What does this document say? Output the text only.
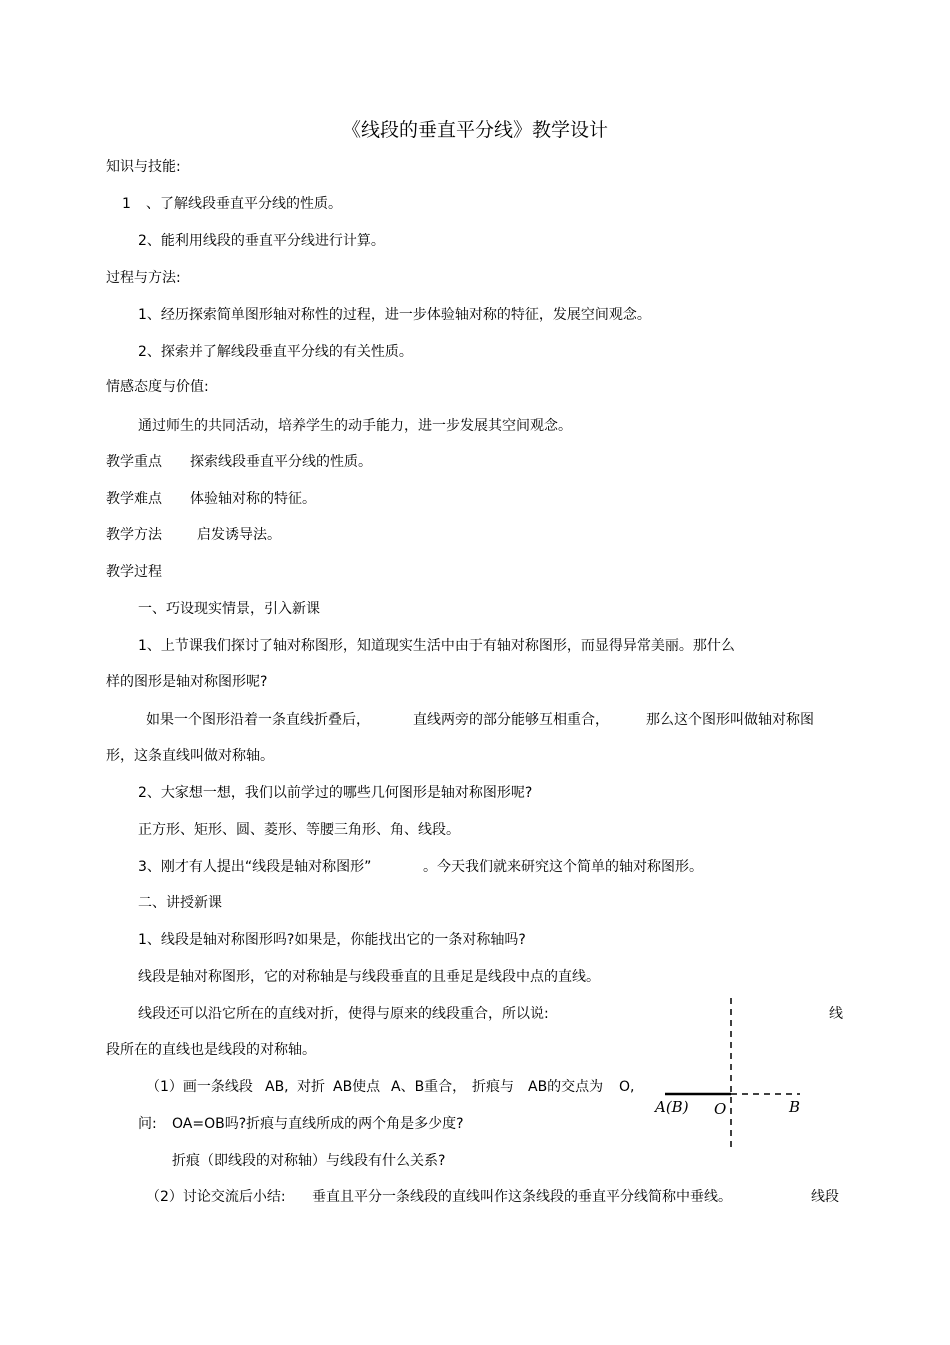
《线段的垂直平分线》教学设计
知识与技能:
1 、了解线段垂直平分线的性质。
2、能利用线段的垂直平分线进行计算。
过程与方法:
1、经历探索简单图形轴对称性的过程，进一步体验轴对称的特征，发展空间观念。
2、探索并了解线段垂直平分线的有关性质。
情感态度与价值:
通过师生的共同活动，培养学生的动手能力，进一步发展其空间观念。
教学重点 探索线段垂直平分线的性质。
教学难点 体验轴对称的特征。
教学方法	启发诱导法。
教学过程
一、巧设现实情景，引入新课
1、上节课我们探讨了轴对称图形，知道现实生活中由于有轴对称图形，而显得异常美丽。那什么
样的图形是轴对称图形呢?
如果一个图形沿着一条直线折叠后，	直线两旁的部分能够互相重合，	那么这个图形叫做轴对称图
形，这条直线叫做对称轴。
2、大家想一想，我们以前学过的哪些几何图形是轴对称图形呢?
正方形、矩形、圆、菱形、等腰三角形、角、线段。
3、刚才有人提出“线段是轴对称图形”	。今天我们就来研究这个简单的轴对称图形。
二、讲授新课
1、线段是轴对称图形吗?如果是，你能找出它的一条对称轴吗?
线段是轴对称图形，它的对称轴是与线段垂直的且垂足是线段中点的直线。
线段还可以沿它所在的直线对折，使得与原来的线段重合，所以说:	线
段所在的直线也是线段的对称轴。
（1）画一条线段 AB, 对折 AB使点 A、B重合， 折痕与 AB的交点为 O,
问: OA=OB吗?折痕与直线所成的两个角是多少度?
折痕（即线段的对称轴）与线段有什么关系?
（2）讨论交流后小结: 垂直且平分一条线段的直线叫作这条线段的垂直平分线简称中垂线。	线段
A(B) O	B
